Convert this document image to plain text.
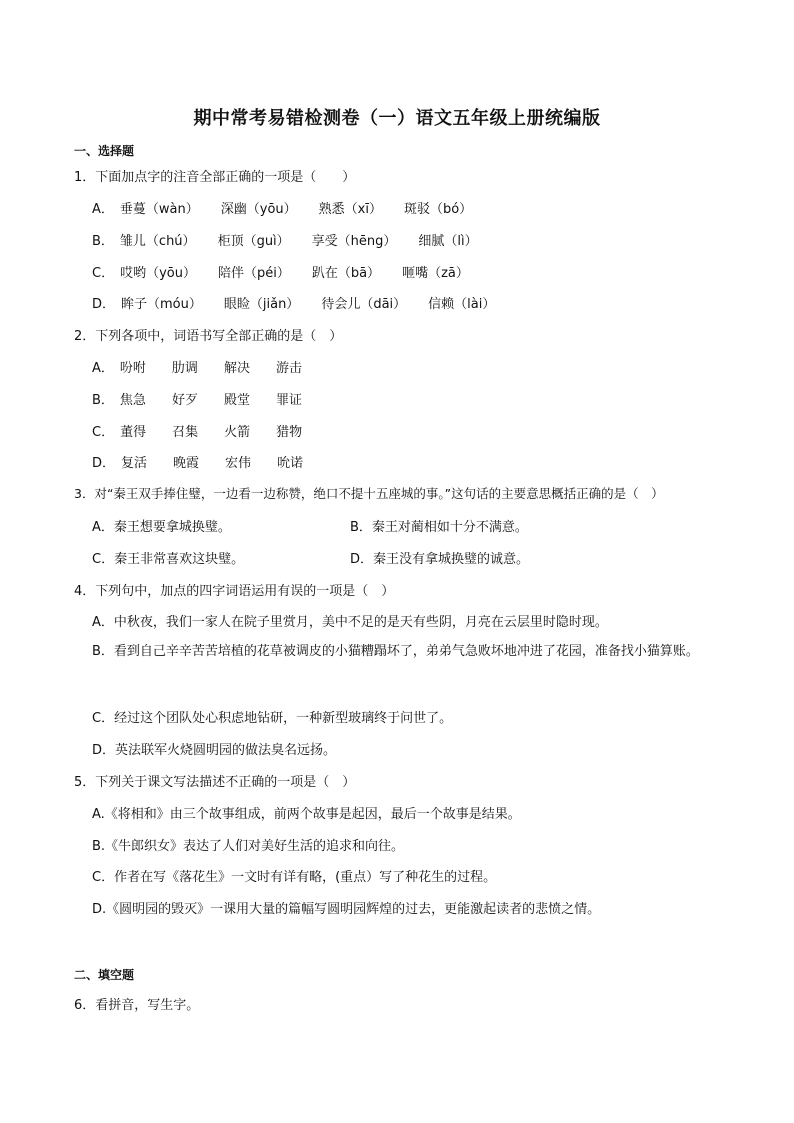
期中常考易错检测卷（一）语文五年级上册统编版
一、选择题
1．下面加点字的注音全部正确的一项是（　　）
A． 垂蔓（wàn） 深幽（yōu） 熟悉（xī） 斑驳（bó）
B． 雏儿（chú） 柜顶（guì） 享受（hēng） 细腻（lì）
C． 哎哟（yōu） 陪伴（péi） 趴在（bā） 咂嘴（zā）
D． 眸子（móu） 眼睑（jiǎn） 待会儿（dāi） 信赖（lài）
2．下列各项中，词语书写全部正确的是（　）
A． 吩咐 肋调 解决 游击
B． 焦急 好歹 殿堂 罪证
C． 董得 召集 火箭 猎物
D． 复活 晚霞 宏伟 吮诺
3．对“秦王双手捧住璧，一边看一边称赞，绝口不提十五座城的事。”这句话的主要意思概括正确的是（　）
A．秦王想要拿城换璧。	B．秦王对蔺相如十分不满意。
C．秦王非常喜欢这块璧。	D．秦王没有拿城换璧的诚意。
4．下列句中，加点的四字词语运用有误的一项是（　）
A．中秋夜，我们一家人在院子里赏月，美中不足的是天有些阴，月亮在云层里时隐时现。
B．看到自己辛辛苦苦培植的花草被调皮的小猫糟蹋坏了，弟弟气急败坏地冲进了花园，准备找小猫算账。
C．经过这个团队处心积虑地钻研，一种新型玻璃终于问世了。
D．英法联军火烧圆明园的做法臭名远扬。
5．下列关于课文写法描述不正确的一项是（　）
A.《将相和》由三个故事组成，前两个故事是起因，最后一个故事是结果。
B.《牛郎织女》表达了人们对美好生活的追求和向往。
C．作者在写《落花生》一文时有详有略，(重点）写了种花生的过程。
D.《圆明园的毁灭》一课用大量的篇幅写圆明园辉煌的过去，更能激起读者的悲愤之情。
二、填空题
6．看拼音，写生字。
